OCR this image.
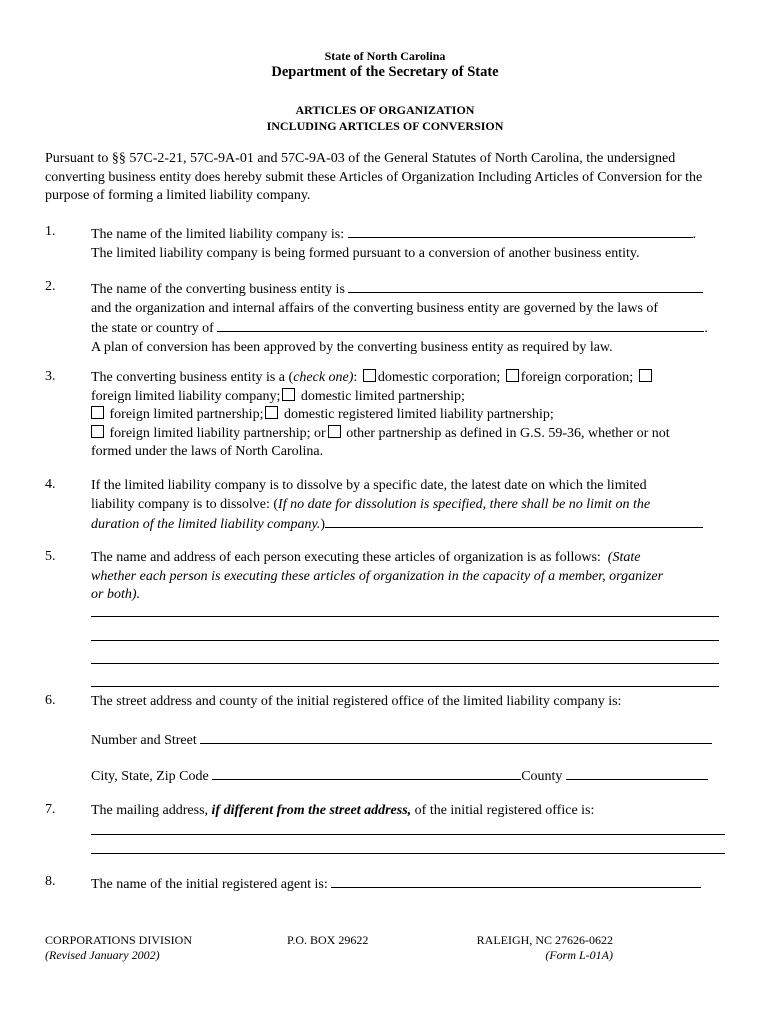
State of North Carolina
Department of the Secretary of State
ARTICLES OF ORGANIZATION
INCLUDING ARTICLES OF CONVERSION
Pursuant to §§ 57C-2-21, 57C-9A-01 and 57C-9A-03 of the General Statutes of North Carolina, the undersigned converting business entity does hereby submit these Articles of Organization Including Articles of Conversion for the purpose of forming a limited liability company.
1.	The name of the limited liability company is:	.
The limited liability company is being formed pursuant to a conversion of another business entity.
2.	The name of the converting business entity is
and the organization and internal affairs of the converting business entity are governed by the laws of
the state or country of	.
A plan of conversion has been approved by the converting business entity as required by law.
3.	The converting business entity is a (check one): domestic corporation; foreign corporation;
foreign limited liability company; domestic limited partnership;
foreign limited partnership; domestic registered limited liability partnership;
foreign limited liability partnership; or other partnership as defined in G.S. 59-36, whether or not
formed under the laws of North Carolina.
4.	If the limited liability company is to dissolve by a specific date, the latest date on which the limited
liability company is to dissolve: (If no date for dissolution is specified, there shall be no limit on the
duration of the limited liability company.)
5.	The name and address of each person executing these articles of organization is as follows: (State
whether each person is executing these articles of organization in the capacity of a member, organizer
or both).
6.	The street address and county of the initial registered office of the limited liability company is:
Number and Street
City, State, Zip Code	County
7.	The mailing address, if different from the street address, of the initial registered office is:
8.	The name of the initial registered agent is:
CORPORATIONS DIVISION
(Revised January 2002)
P.O. BOX 29622	RALEIGH, NC 27626-0622
(Form L-01A)
